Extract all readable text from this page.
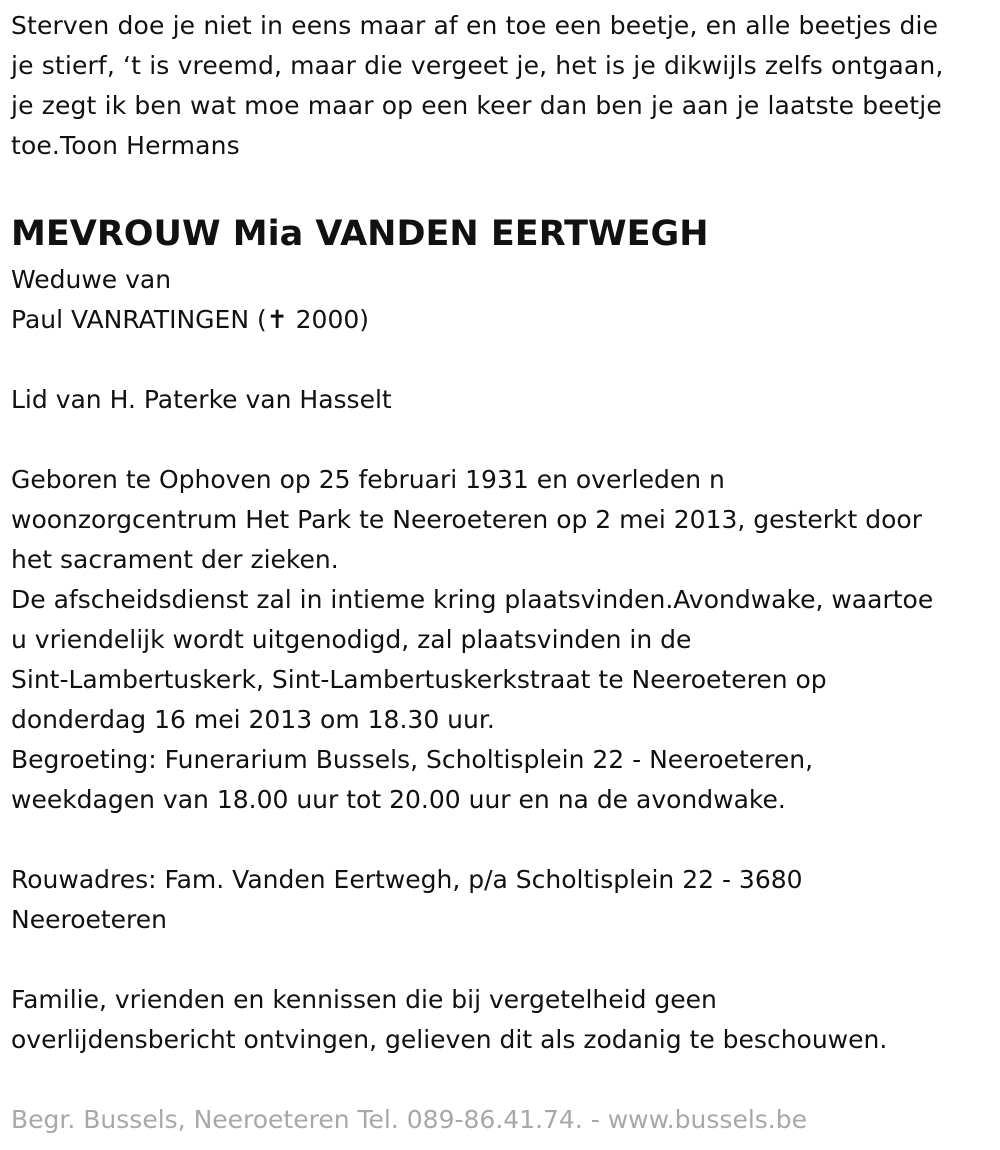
Sterven doe je niet in eens maar af en toe een beetje, en alle beetjes die
je stierf, ‘t is vreemd, maar die vergeet je, het is je dikwijls zelfs ontgaan,
je zegt ik ben wat moe maar op een keer dan ben je aan je laatste beetje
toe.Toon Hermans
MEVROUW Mia VANDEN EERTWEGH
Weduwe van
Paul VANRATINGEN (✝ 2000)
Lid van H. Paterke van Hasselt
Geboren te Ophoven op 25 februari 1931 en overleden n
woonzorgcentrum Het Park te Neeroeteren op 2 mei 2013, gesterkt door
het sacrament der zieken.
De afscheidsdienst zal in intieme kring plaatsvinden.Avondwake, waartoe
u vriendelijk wordt uitgenodigd, zal plaatsvinden in de
Sint-Lambertuskerk, Sint-Lambertuskerkstraat te Neeroeteren op
donderdag 16 mei 2013 om 18.30 uur.
Begroeting: Funerarium Bussels, Scholtisplein 22 - Neeroeteren,
weekdagen van 18.00 uur tot 20.00 uur en na de avondwake.
Rouwadres: Fam. Vanden Eertwegh, p/a Scholtisplein 22 - 3680
Neeroeteren
Familie, vrienden en kennissen die bij vergetelheid geen
overlijdensbericht ontvingen, gelieven dit als zodanig te beschouwen.
Begr. Bussels, Neeroeteren Tel. 089-86.41.74. - www.bussels.be
